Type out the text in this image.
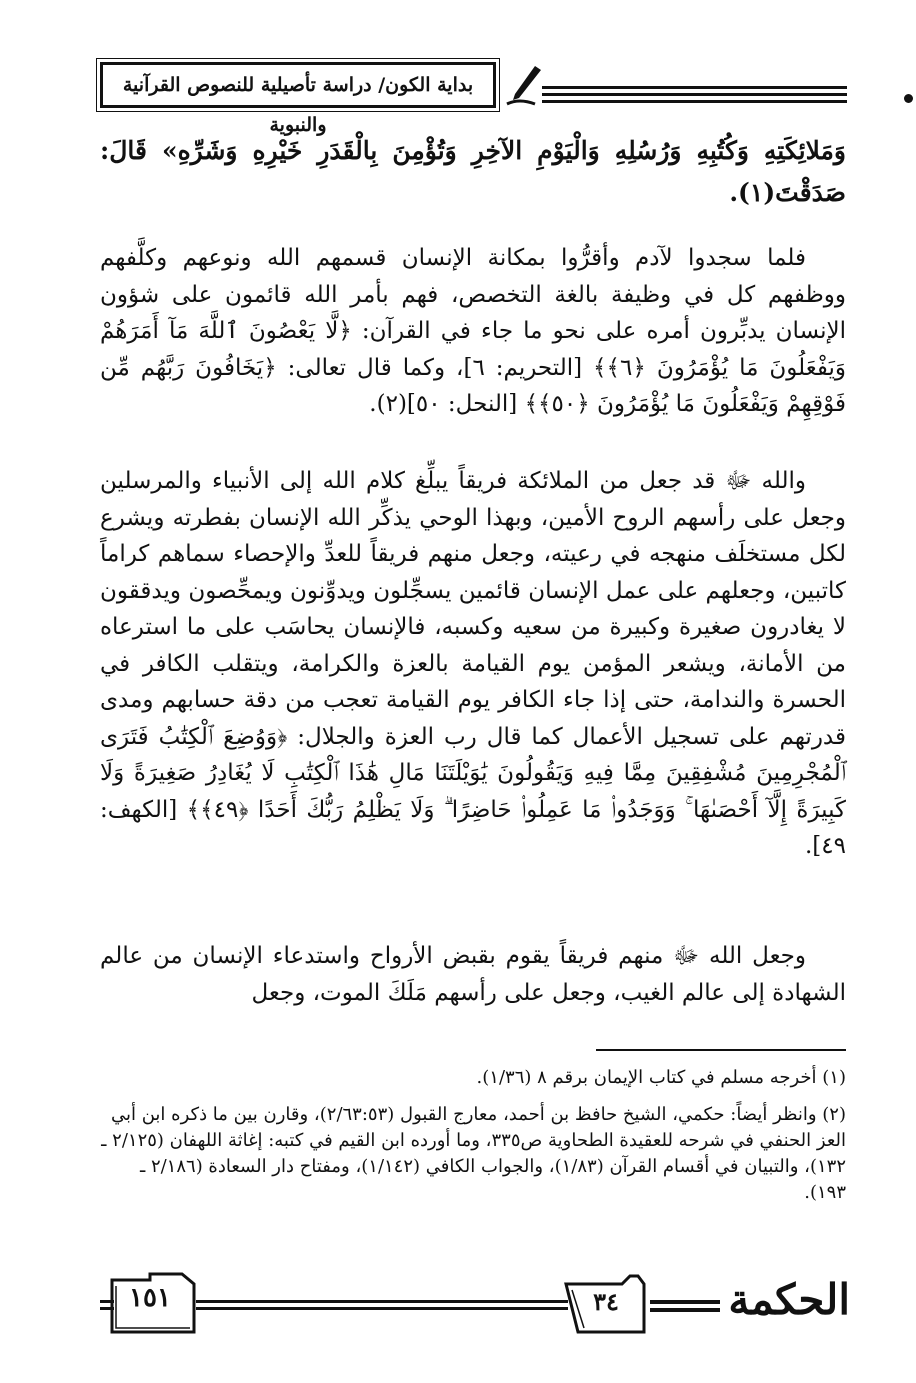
بداية الكون/ دراسة تأصيلية للنصوص القرآنية والنبوية

وَمَلائِكَتِهِ وَكُتُبِهِ وَرُسُلِهِ وَالْيَوْمِ الآخِرِ وَتُؤْمِنَ بِالْقَدَرِ خَيْرِهِ وَشَرِّهِ» قَالَ: صَدَقْتَ(١).

فلما سجدوا لآدم وأقرُّوا بمكانة الإنسان قسمهم الله ونوعهم وكلَّفهم ووظفهم كل في وظيفة بالغة التخصص، فهم بأمر الله قائمون على شؤون الإنسان يدبِّرون أمره على نحو ما جاء في القرآن: ﴿لَّا يَعْصُونَ ٱللَّهَ مَآ أَمَرَهُمْ وَيَفْعَلُونَ مَا يُؤْمَرُونَ ﴿٦﴾﴾ [التحريم: ٦]، وكما قال تعالى: ﴿يَخَافُونَ رَبَّهُم مِّن فَوْقِهِمْ وَيَفْعَلُونَ مَا يُؤْمَرُونَ ﴿٥٠﴾﴾ [النحل: ٥٠](٢).

والله ﷻ قد جعل من الملائكة فريقاً يبلِّغ كلام الله إلى الأنبياء والمرسلين وجعل على رأسهم الروح الأمين، وبهذا الوحي يذكِّر الله الإنسان بفطرته ويشرع لكل مستخلَف منهجه في رعيته، وجعل منهم فريقاً للعدِّ والإحصاء سماهم كراماً كاتبين، وجعلهم على عمل الإنسان قائمين يسجِّلون ويدوِّنون ويمحِّصون ويدققون لا يغادرون صغيرة وكبيرة من سعيه وكسبه، فالإنسان يحاسَب على ما استرعاه من الأمانة، ويشعر المؤمن يوم القيامة بالعزة والكرامة، ويتقلب الكافر في الحسرة والندامة، حتى إذا جاء الكافر يوم القيامة تعجب من دقة حسابهم ومدى قدرتهم على تسجيل الأعمال كما قال رب العزة والجلال: ﴿وَوُضِعَ ٱلْكِتَٰبُ فَتَرَى ٱلْمُجْرِمِينَ مُشْفِقِينَ مِمَّا فِيهِ وَيَقُولُونَ يَٰوَيْلَتَنَا مَالِ هَٰذَا ٱلْكِتَٰبِ لَا يُغَادِرُ صَغِيرَةً وَلَا كَبِيرَةً إِلَّآ أَحْصَىٰهَا ۚ وَوَجَدُوا۟ مَا عَمِلُوا۟ حَاضِرًا ۗ وَلَا يَظْلِمُ رَبُّكَ أَحَدًا ﴿٤٩﴾﴾ [الكهف: ٤٩].

وجعل الله ﷻ منهم فريقاً يقوم بقبض الأرواح واستدعاء الإنسان من عالم الشهادة إلى عالم الغيب، وجعل على رأسهم مَلَكَ الموت، وجعل

(١) أخرجه مسلم في كتاب الإيمان برقم ٨ (١/٣٦).
(٢) وانظر أيضاً: حكمي، الشيخ حافظ بن أحمد، معارج القبول (٢/٦٣:٥٣)، وقارن بين ما ذكره ابن أبي العز الحنفي في شرحه للعقيدة الطحاوية ص٣٣٥، وما أورده ابن القيم في كتبه: إغاثة اللهفان (٢/١٢٥ ـ ١٣٢)، والتبيان في أقسام القرآن (١/٨٣)، والجواب الكافي (١/١٤٢)، ومفتاح دار السعادة (٢/١٨٦ ـ ١٩٣).
١٥١	٣٤	الحكمة
